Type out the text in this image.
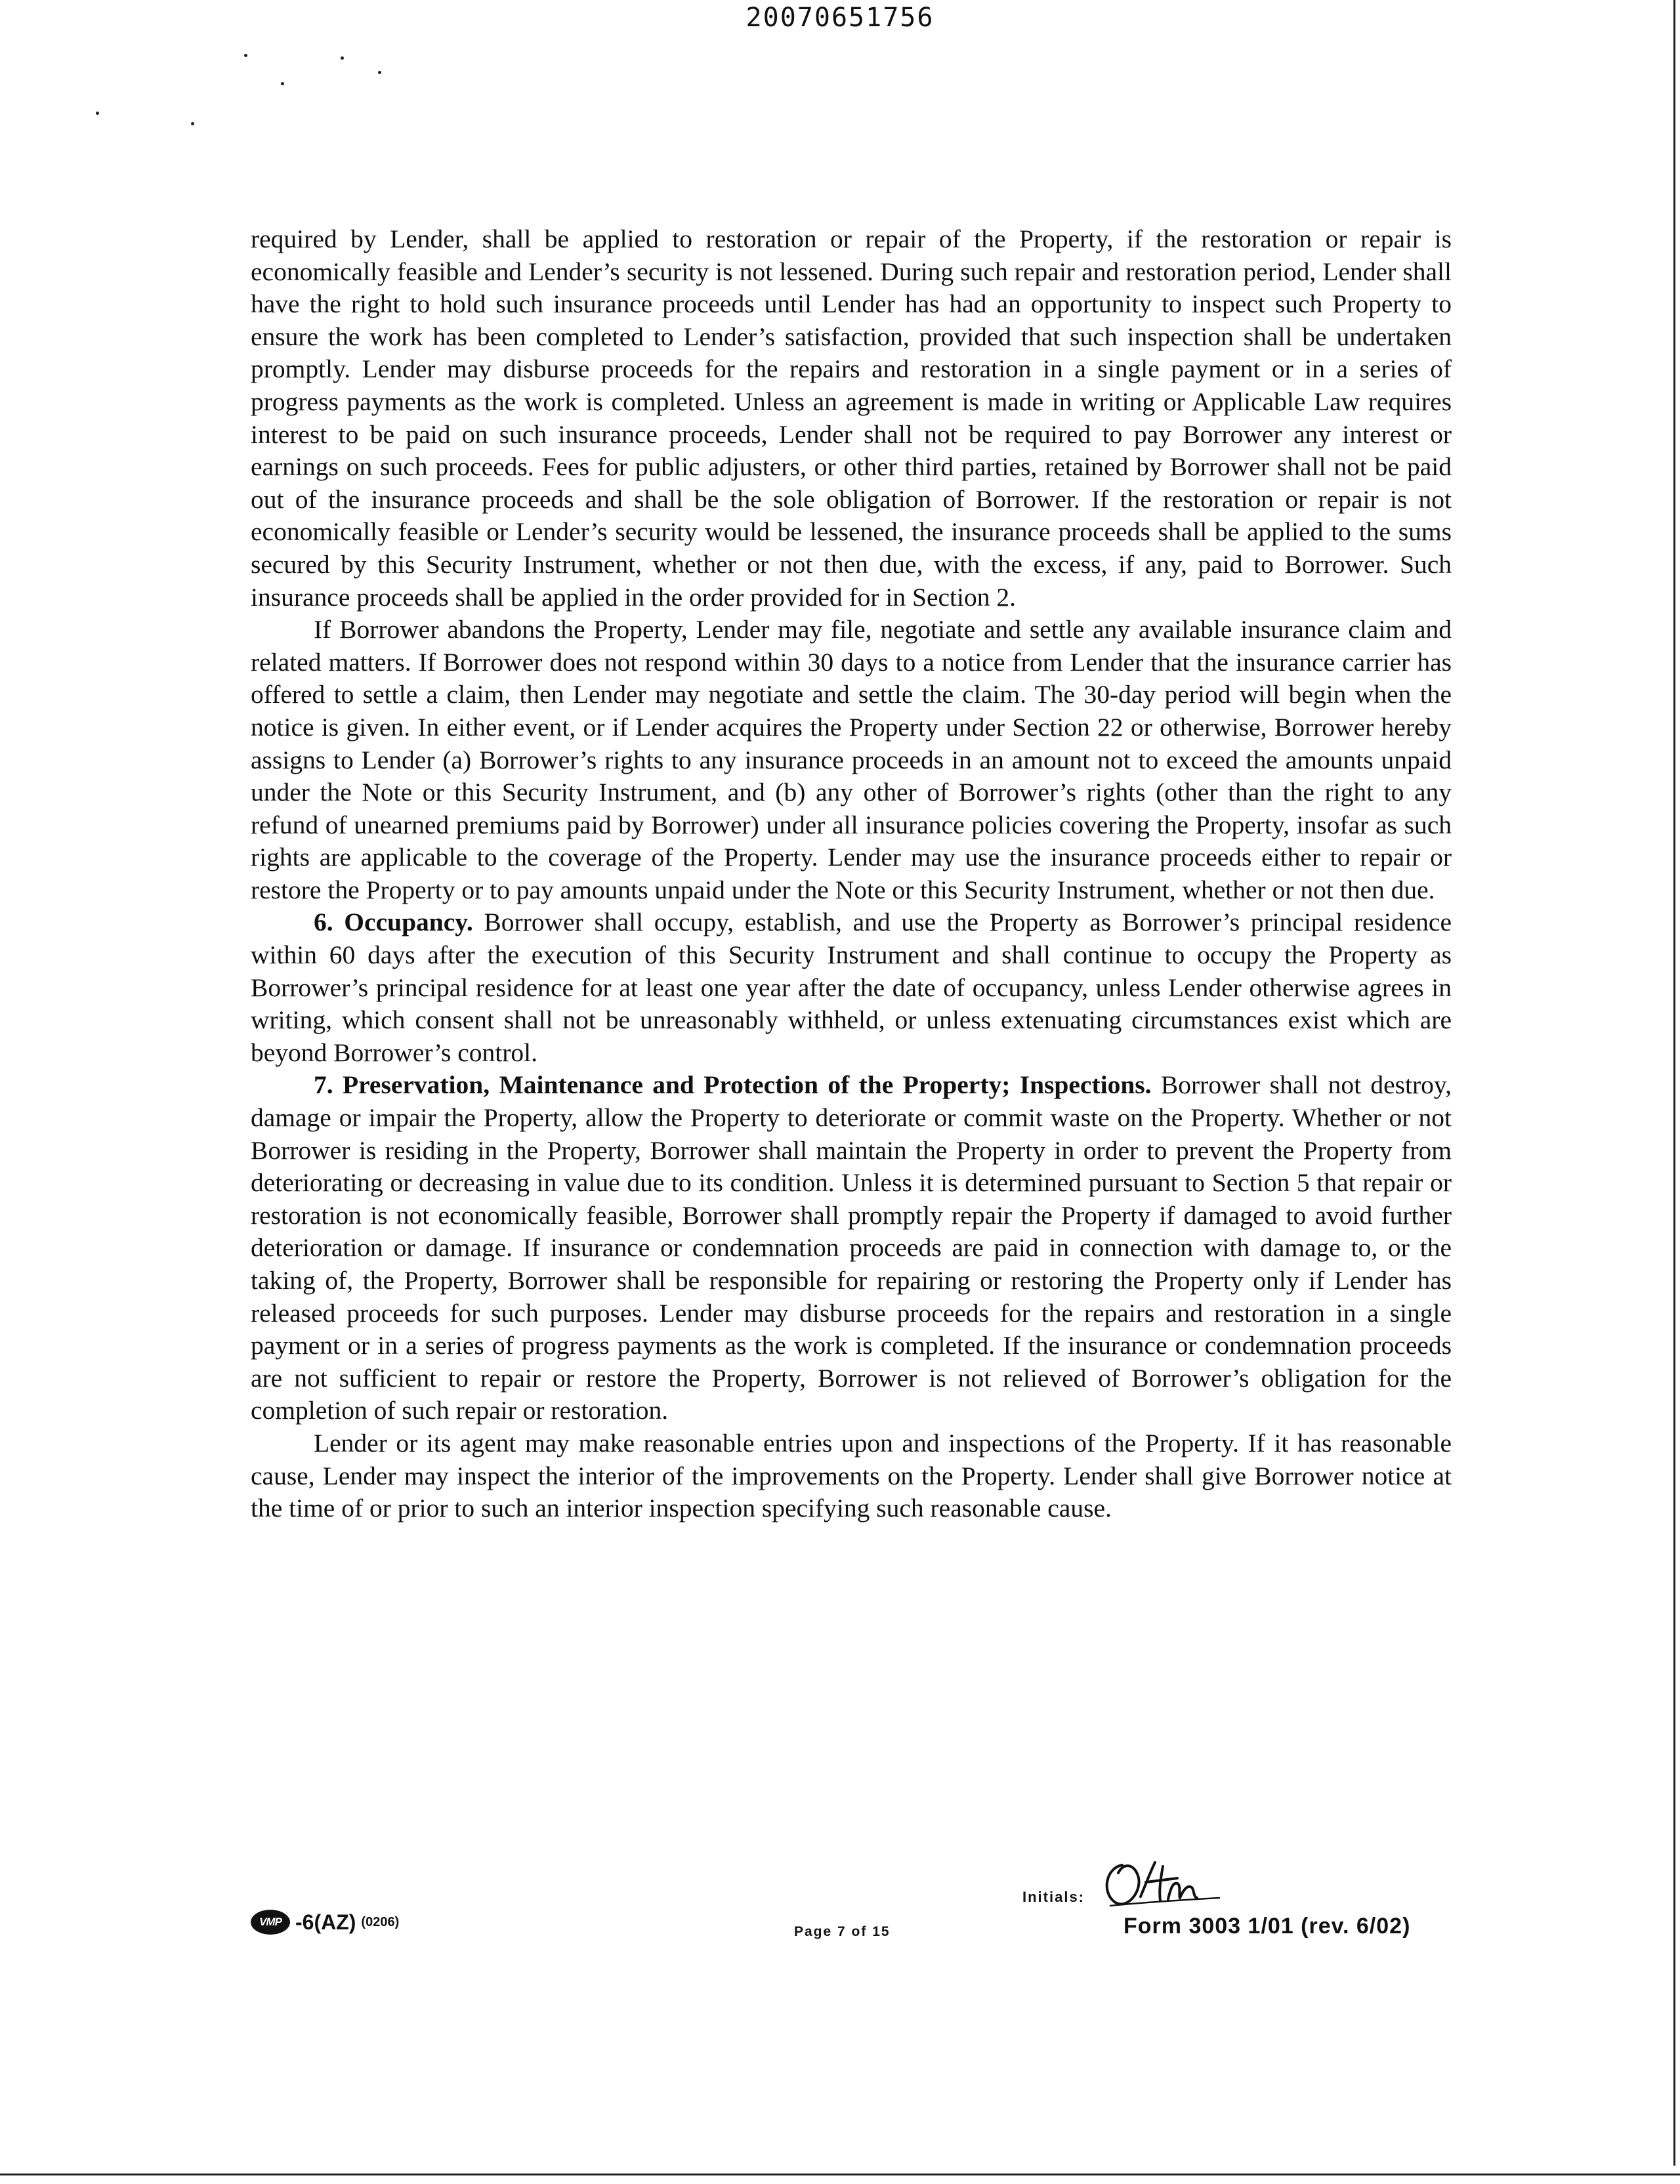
20070651756

required by Lender, shall be applied to restoration or repair of the Property, if the restoration or repair is economically feasible and Lender’s security is not lessened. During such repair and restoration period, Lender shall have the right to hold such insurance proceeds until Lender has had an opportunity to inspect such Property to ensure the work has been completed to Lender’s satisfaction, provided that such inspection shall be undertaken promptly. Lender may disburse proceeds for the repairs and restoration in a single payment or in a series of progress payments as the work is completed. Unless an agreement is made in writing or Applicable Law requires interest to be paid on such insurance proceeds, Lender shall not be required to pay Borrower any interest or earnings on such proceeds. Fees for public adjusters, or other third parties, retained by Borrower shall not be paid out of the insurance proceeds and shall be the sole obligation of Borrower. If the restoration or repair is not economically feasible or Lender’s security would be lessened, the insurance proceeds shall be applied to the sums secured by this Security Instrument, whether or not then due, with the excess, if any, paid to Borrower. Such insurance proceeds shall be applied in the order provided for in Section 2.

If Borrower abandons the Property, Lender may file, negotiate and settle any available insurance claim and related matters. If Borrower does not respond within 30 days to a notice from Lender that the insurance carrier has offered to settle a claim, then Lender may negotiate and settle the claim. The 30-day period will begin when the notice is given. In either event, or if Lender acquires the Property under Section 22 or otherwise, Borrower hereby assigns to Lender (a) Borrower’s rights to any insurance proceeds in an amount not to exceed the amounts unpaid under the Note or this Security Instrument, and (b) any other of Borrower’s rights (other than the right to any refund of unearned premiums paid by Borrower) under all insurance policies covering the Property, insofar as such rights are applicable to the coverage of the Property. Lender may use the insurance proceeds either to repair or restore the Property or to pay amounts unpaid under the Note or this Security Instrument, whether or not then due.

6. Occupancy. Borrower shall occupy, establish, and use the Property as Borrower’s principal residence within 60 days after the execution of this Security Instrument and shall continue to occupy the Property as Borrower’s principal residence for at least one year after the date of occupancy, unless Lender otherwise agrees in writing, which consent shall not be unreasonably withheld, or unless extenuating circumstances exist which are beyond Borrower’s control.

7. Preservation, Maintenance and Protection of the Property; Inspections. Borrower shall not destroy, damage or impair the Property, allow the Property to deteriorate or commit waste on the Property. Whether or not Borrower is residing in the Property, Borrower shall maintain the Property in order to prevent the Property from deteriorating or decreasing in value due to its condition. Unless it is determined pursuant to Section 5 that repair or restoration is not economically feasible, Borrower shall promptly repair the Property if damaged to avoid further deterioration or damage. If insurance or condemnation proceeds are paid in connection with damage to, or the taking of, the Property, Borrower shall be responsible for repairing or restoring the Property only if Lender has released proceeds for such purposes. Lender may disburse proceeds for the repairs and restoration in a single payment or in a series of progress payments as the work is completed. If the insurance or condemnation proceeds are not sufficient to repair or restore the Property, Borrower is not relieved of Borrower’s obligation for the completion of such repair or restoration.

Lender or its agent may make reasonable entries upon and inspections of the Property. If it has reasonable cause, Lender may inspect the interior of the improvements on the Property. Lender shall give Borrower notice at the time of or prior to such an interior inspection specifying such reasonable cause.

VMP -6(AZ) (0206)
Page 7 of 15
Initials:
Form 3003 1/01 (rev. 6/02)
